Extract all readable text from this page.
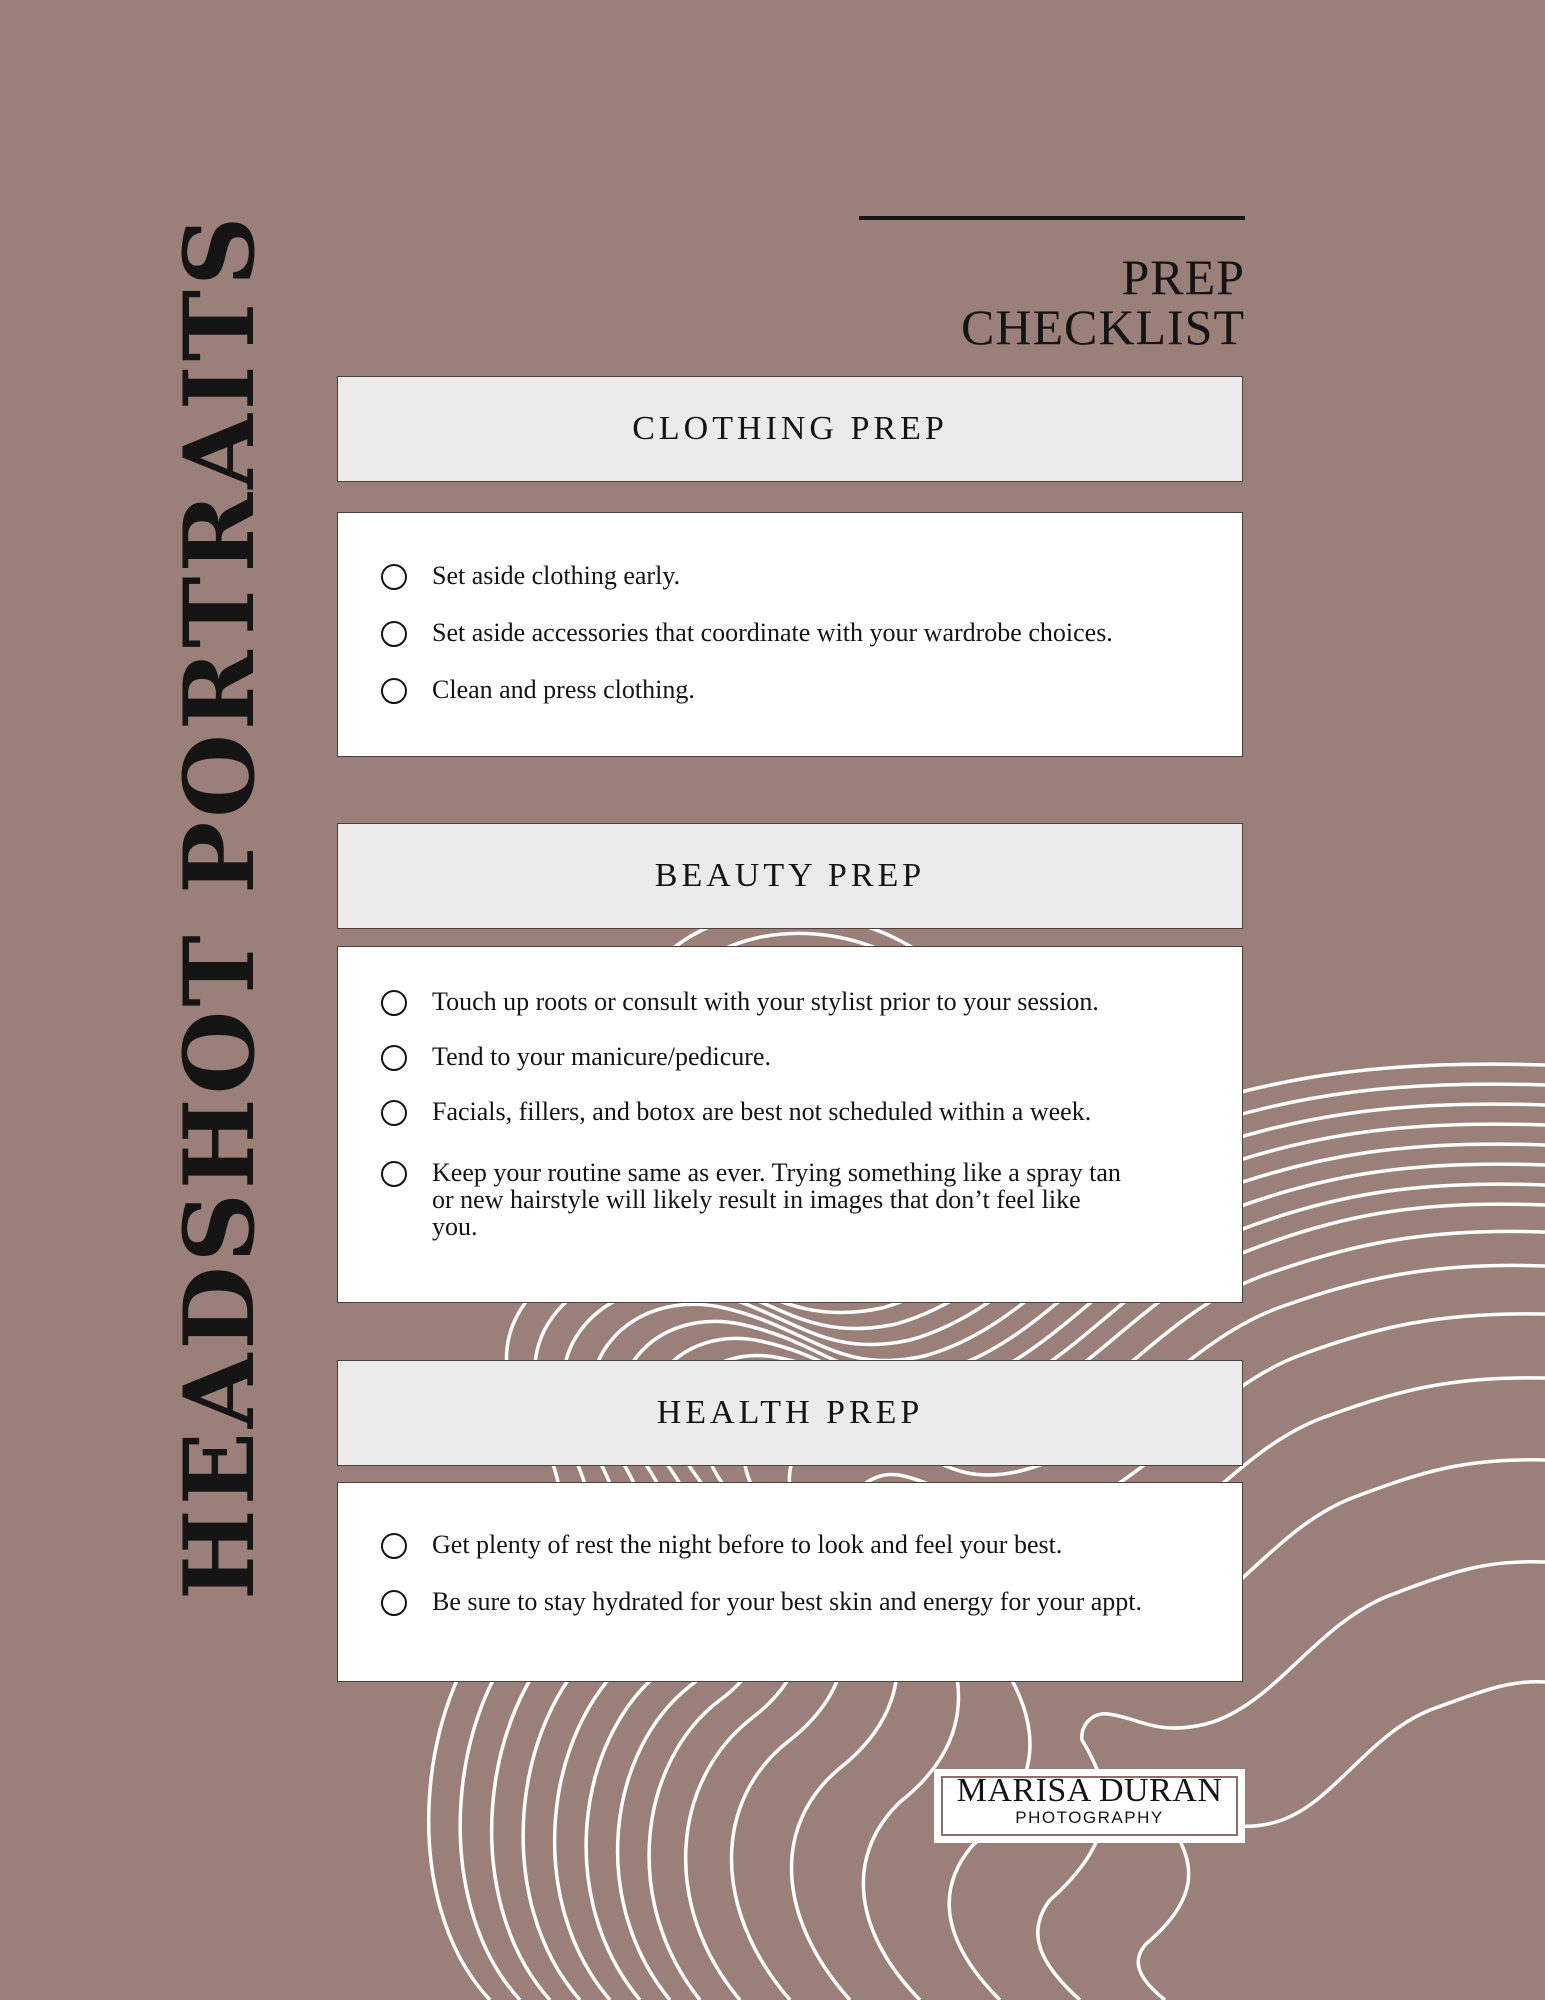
PREP CHECKLIST
HEADSHOT PORTRAITS	CLOTHING PREP
Set aside clothing early.
Set aside accessories that coordinate with your wardrobe choices.
Clean and press clothing.
BEAUTY PREP
Touch up roots or consult with your stylist prior to your session.
Tend to your manicure/pedicure.
Facials, fillers, and botox are best not scheduled within a week.
Keep your routine same as ever. Trying something like a spray tan or new hairstyle will likely result in images that don’t feel like you.
HEALTH PREP
Get plenty of rest the night before to look and feel your best.
Be sure to stay hydrated for your best skin and energy for your appt.
MARISA DURAN
PHOTOGRAPHY
